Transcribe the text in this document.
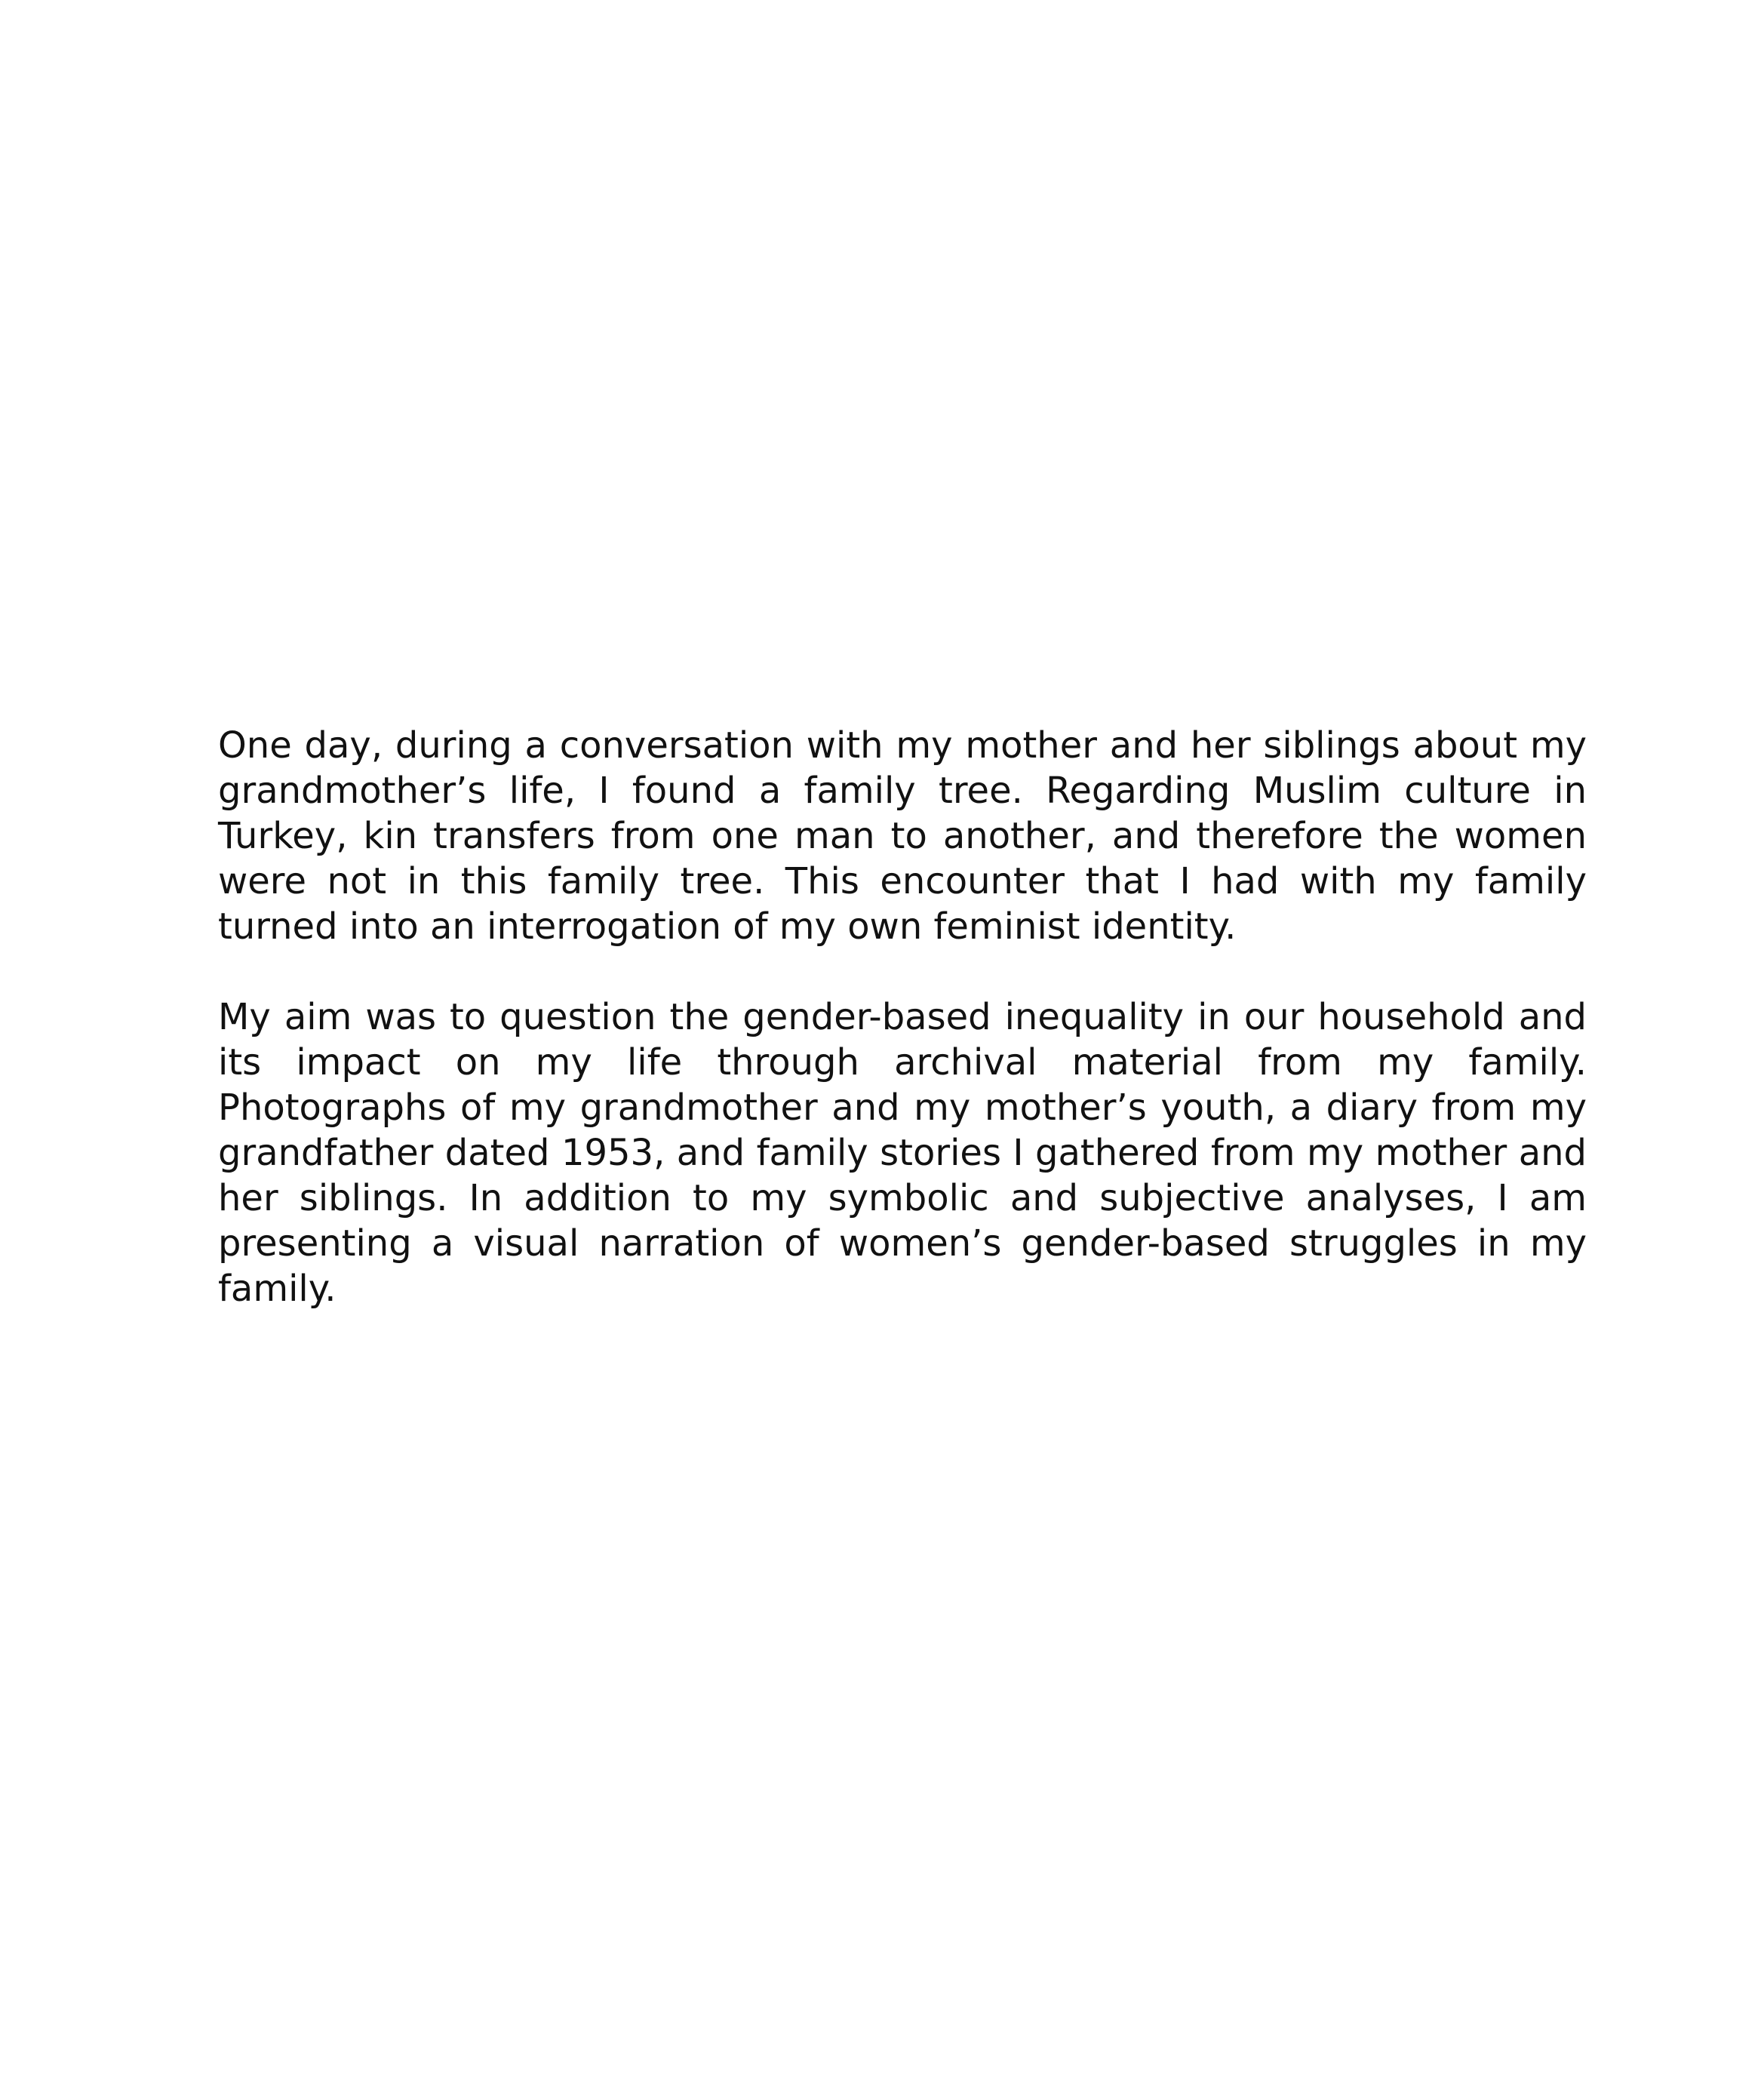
One day, during a conversation with my mother and her siblings about my grandmother’s life, I found a family tree. Regarding Muslim culture in Turkey, kin transfers from one man to another, and therefore the women were not in this family tree. This encounter that I had with my family turned into an interrogation of my own feminist identity.

My aim was to question the gender-based inequality in our household and its impact on my life through archival material from my family. Photographs of my grandmother and my mother’s youth, a diary from my grandfather dated 1953, and family stories I gathered from my mother and her siblings. In addition to my symbolic and subjective analyses, I am presenting a visual narration of women’s gender-based struggles in my family.
